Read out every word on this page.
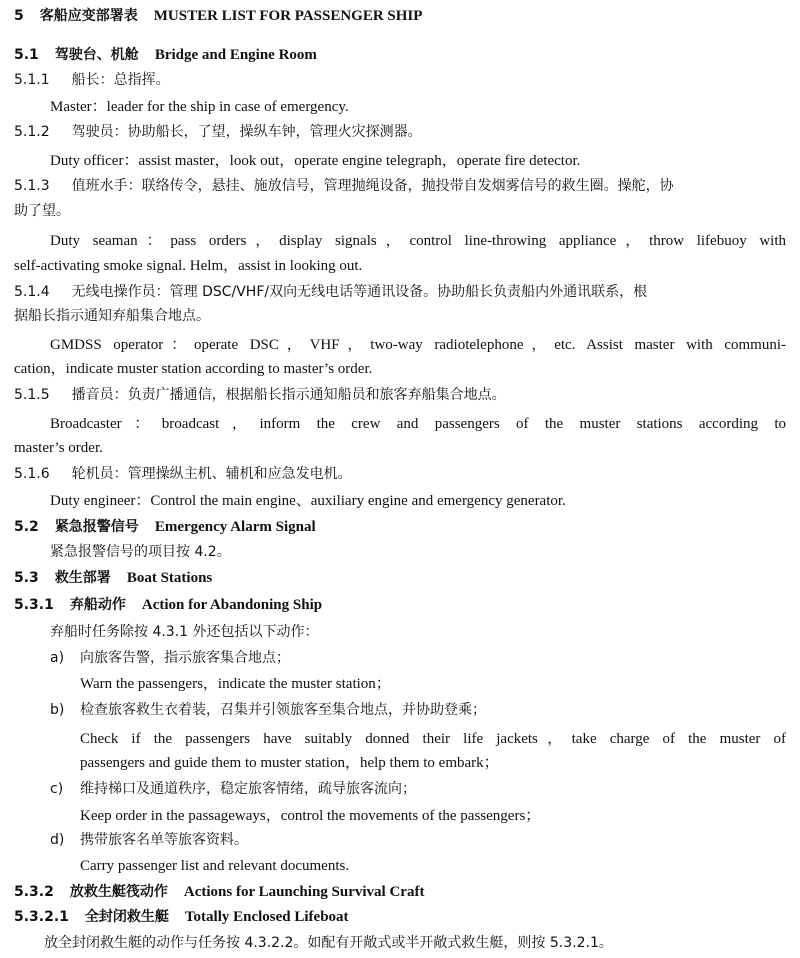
5 客船应变部署表 MUSTER LIST FOR PASSENGER SHIP
5.1 驾驶台、机舱 Bridge and Engine Room
5.1.1 船长：总指挥。
Master：leader for the ship in case of emergency.
5.1.2 驾驶员：协助船长，了望，操纵车钟，管理火灾探测器。
Duty officer：assist master，look out，operate engine telegraph，operate fire detector.
5.1.3 值班水手：联络传令，悬挂、施放信号，管理抛绳设备，抛投带自发烟雾信号的救生圈。操舵，协
助了望。
Duty seaman：pass orders，display signals，control line-throwing appliance，throw lifebuoy with
self-activating smoke signal. Helm，assist in looking out.
5.1.4 无线电操作员：管理 DSC/VHF/双向无线电话等通讯设备。协助船长负责船内外通讯联系，根
据船长指示通知弃船集合地点。
GMDSS operator：operate DSC，VHF，two-way radiotelephone，etc. Assist master with communi-
cation，indicate muster station according to master’s order.
5.1.5 播音员：负责广播通信，根据船长指示通知船员和旅客弃船集合地点。
Broadcaster：broadcast，inform the crew and passengers of the muster stations according to
master’s order.
5.1.6 轮机员：管理操纵主机、辅机和应急发电机。
Duty engineer：Control the main engine、auxiliary engine and emergency generator.
5.2 紧急报警信号 Emergency Alarm Signal
紧急报警信号的项目按 4.2。
5.3 救生部署 Boat Stations
5.3.1 弃船动作 Action for Abandoning Ship
弃船时任务除按 4.3.1 外还包括以下动作：
a) 向旅客告警，指示旅客集合地点；
Warn the passengers，indicate the muster station；
b) 检查旅客救生衣着装，召集并引领旅客至集合地点，并协助登乘；
Check if the passengers have suitably donned their life jackets，take charge of the muster of
passengers and guide them to muster station，help them to embark；
c) 维持梯口及通道秩序，稳定旅客情绪，疏导旅客流向；
Keep order in the passageways，control the movements of the passengers；
d) 携带旅客名单等旅客资料。
Carry passenger list and relevant documents.
5.3.2 放救生艇筏动作 Actions for Launching Survival Craft
5.3.2.1 全封闭救生艇 Totally Enclosed Lifeboat
放全封闭救生艇的动作与任务按 4.3.2.2。如配有开敞式或半开敞式救生艇，则按 5.3.2.1。
